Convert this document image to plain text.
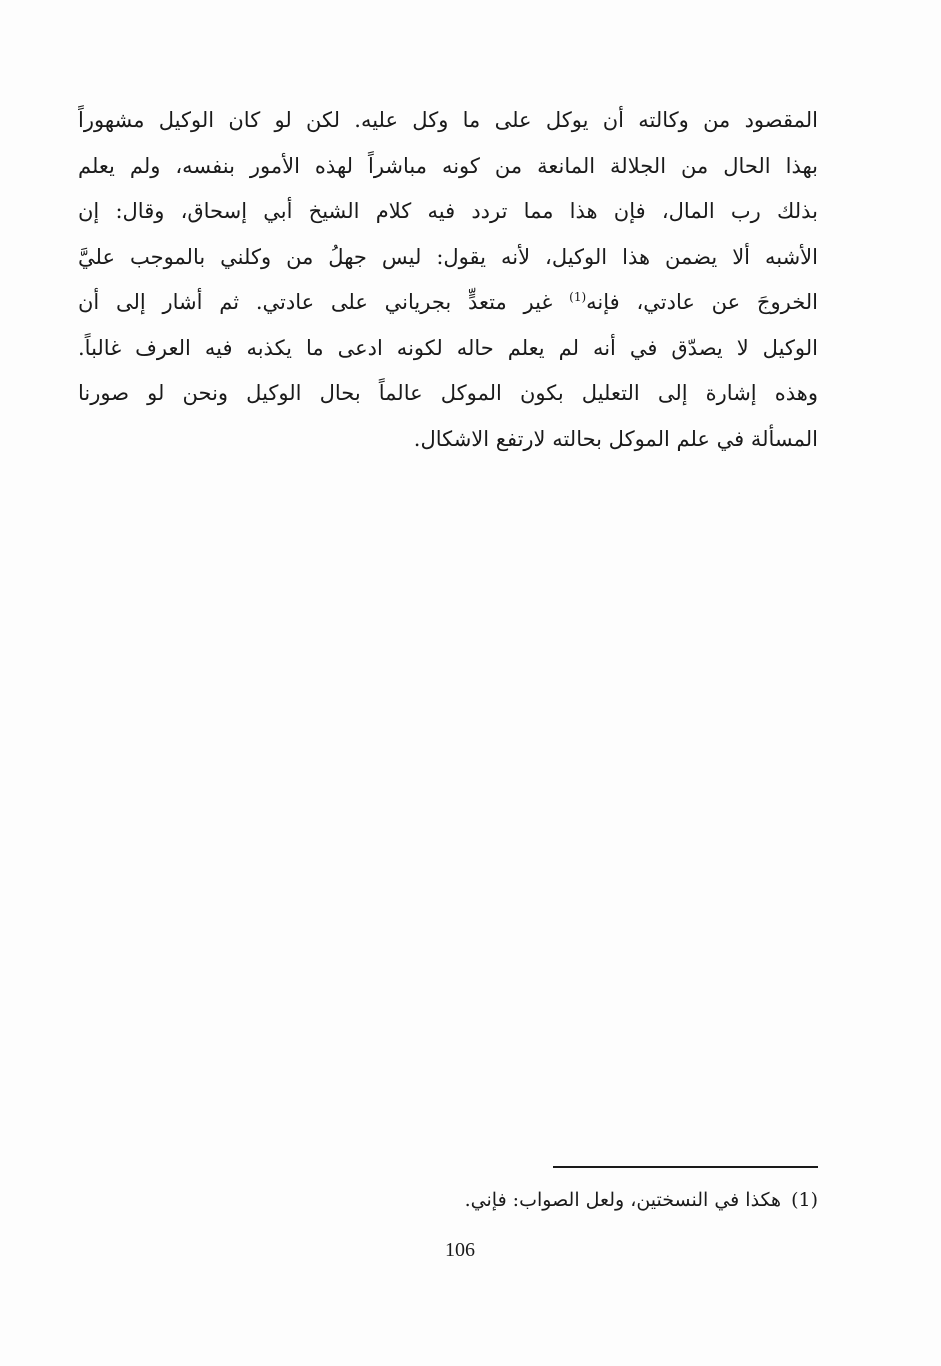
المقصود من وكالته أن يوكل على ما وكل عليه. لكن لو كان الوكيل مشهوراً
بهذا الحال من الجلالة المانعة من كونه مباشراً لهذه الأمور بنفسه، ولم يعلم
بذلك رب المال، فإن هذا مما تردد فيه كلام الشيخ أبي إسحاق، وقال: إن
الأشبه ألا يضمن هذا الوكيل، لأنه يقول: ليس جهلُ من وكلني بالموجب عليَّ
الخروجَ عن عادتي، فإنه$^{(1)}$ غير متعدٍّ بجرياني على عادتي. ثم أشار إلى أن
الوكيل لا يصدّق في أنه لم يعلم حاله لكونه ادعى ما يكذبه فيه العرف غالباً.
وهذه إشارة إلى التعليل بكون الموكل عالماً بحال الوكيل ونحن لو صورنا
المسألة في علم الموكل بحالته لارتفع الاشكال.
(1)هكذا في النسختين، ولعل الصواب: فإني.
106
